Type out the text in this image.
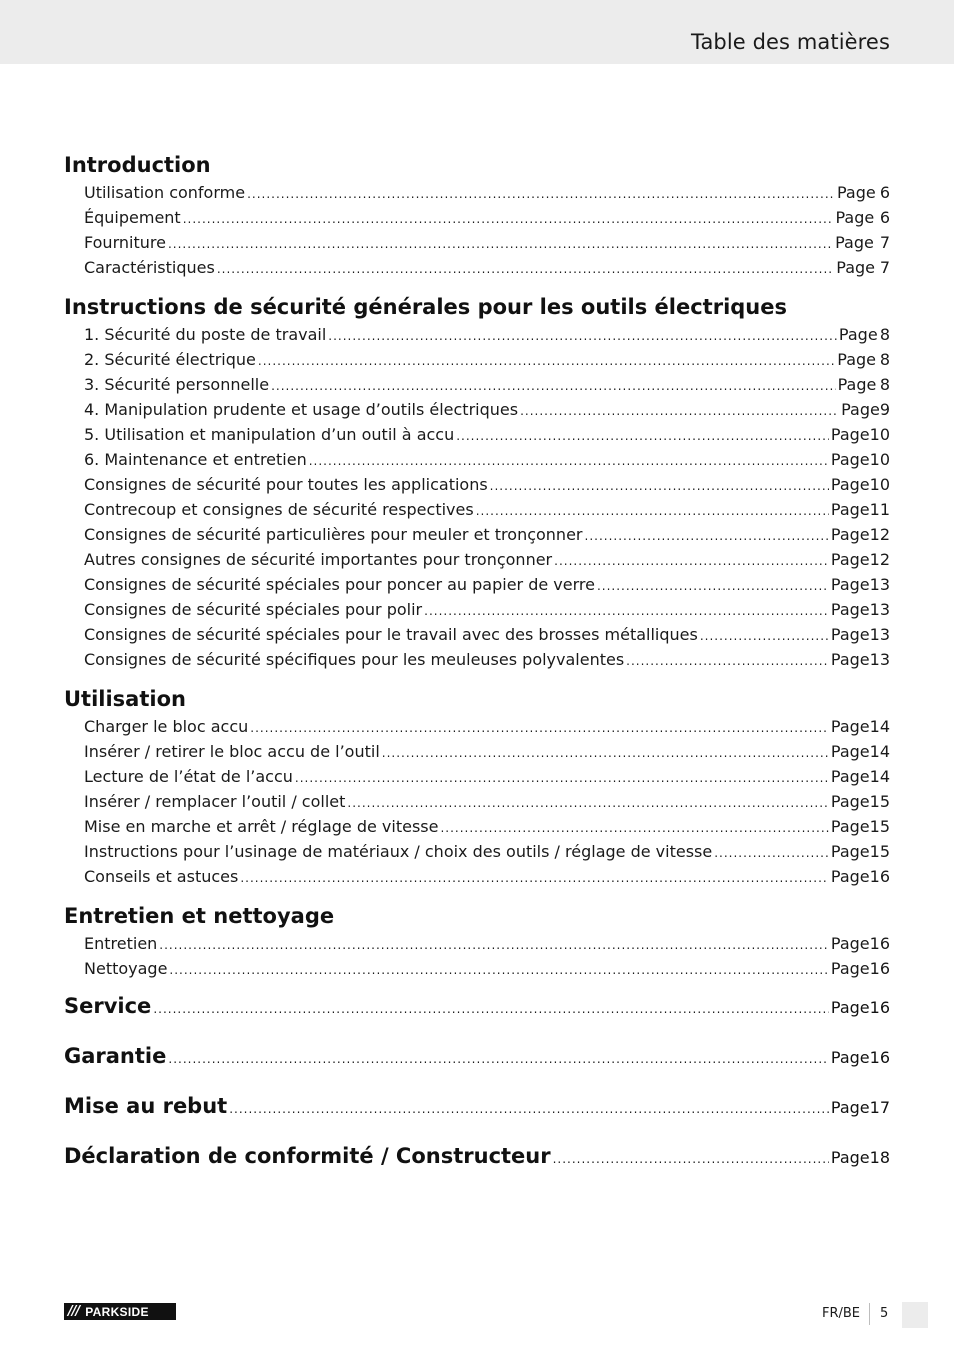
Table des matières
Introduction
Utilisation conforme .....	Page 6
Équipement .....	Page 6
Fourniture .....	Page 7
Caractéristiques .....	Page 7
Instructions de sécurité générales pour les outils électriques
1. Sécurité du poste de travail .....	Page 8
2. Sécurité électrique .....	Page 8
3. Sécurité personnelle .....	Page 8
4. Manipulation prudente et usage d’outils électriques .....	Page 9
5. Utilisation et manipulation d’un outil à accu .....	Page 10
6. Maintenance et entretien .....	Page 10
Consignes de sécurité pour toutes les applications .....	Page 10
Contrecoup et consignes de sécurité respectives .....	Page 11
Consignes de sécurité particulières pour meuler et tronçonner .....	Page 12
Autres consignes de sécurité importantes pour tronçonner .....	Page 12
Consignes de sécurité spéciales pour poncer au papier de verre .....	Page 13
Consignes de sécurité spéciales pour polir .....	Page 13
Consignes de sécurité spéciales pour le travail avec des brosses métalliques .....	Page 13
Consignes de sécurité spécifiques pour les meuleuses polyvalentes .....	Page 13
Utilisation
Charger le bloc accu .....	Page 14
Insérer / retirer le bloc accu de l’outil .....	Page 14
Lecture de l’état de l’accu .....	Page 14
Insérer / remplacer l’outil / collet .....	Page 15
Mise en marche et arrêt / réglage de vitesse .....	Page 15
Instructions pour l’usinage de matériaux / choix des outils / réglage de vitesse .....	Page 15
Conseils et astuces .....	Page 16
Entretien et nettoyage
Entretien .....	Page 16
Nettoyage .....	Page 16
Service .....	Page 16
Garantie .....	Page 16
Mise au rebut .....	Page 17
Déclaration de conformité / Constructeur .....	Page 18
/// PARKSIDE	FR/BE 5
